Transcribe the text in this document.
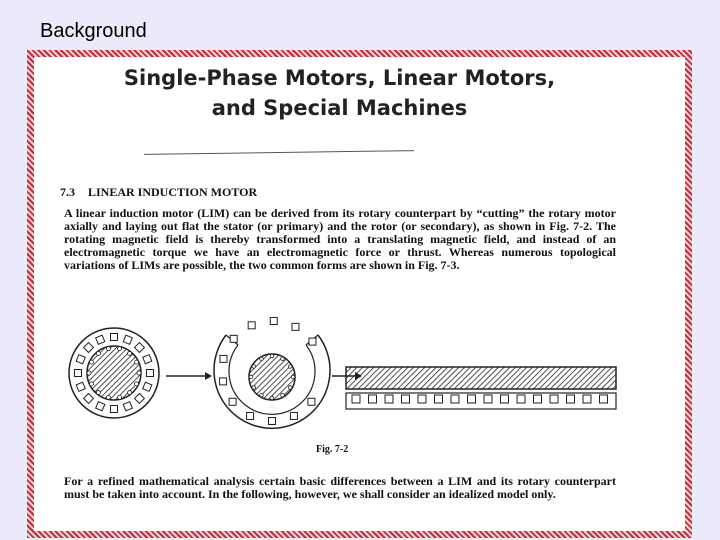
Background
Single-Phase Motors, Linear Motors,
and Special Machines
7.3 LINEAR INDUCTION MOTOR
A linear induction motor (LIM) can be derived from its rotary counterpart by “cutting” the rotary motor axially and laying out flat the stator (or primary) and the rotor (or secondary), as shown in Fig. 7-2. The rotating magnetic field is thereby transformed into a translating magnetic field, and instead of an electromagnetic torque we have an electromagnetic force or thrust. Whereas numerous topological variations of LIMs are possible, the two common forms are shown in Fig. 7-3.
Fig. 7-2
For a refined mathematical analysis certain basic differences between a LIM and its rotary counterpart must be taken into account. In the following, however, we shall consider an idealized model only.
